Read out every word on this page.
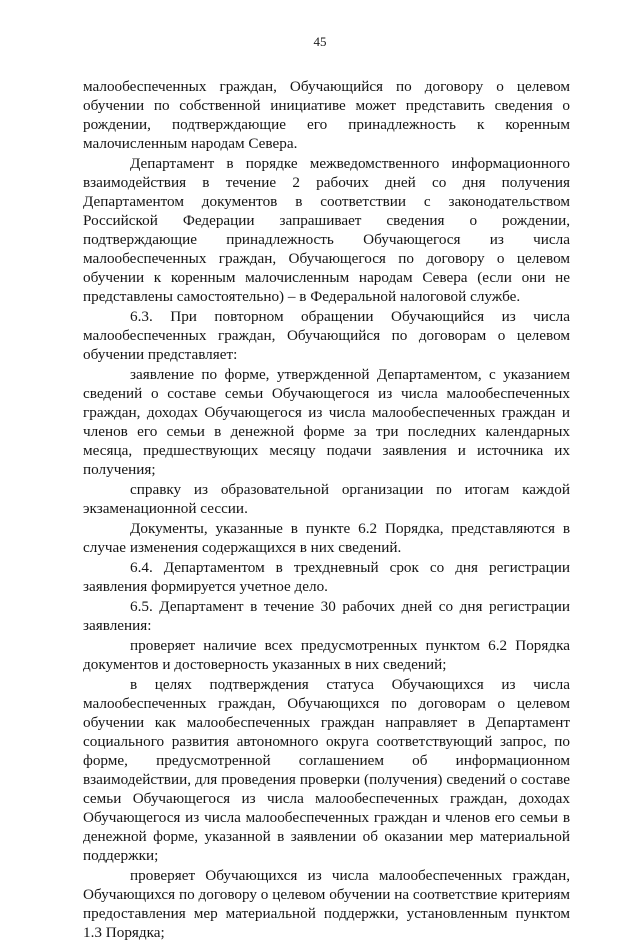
45

малообеспеченных граждан, Обучающийся по договору о целевом обучении по собственной инициативе может представить сведения о рождении, подтверждающие его принадлежность к коренным малочисленным народам Севера.

Департамент в порядке межведомственного информационного взаимодействия в течение 2 рабочих дней со дня получения Департаментом документов в соответствии с законодательством Российской Федерации запрашивает сведения о рождении, подтверждающие принадлежность Обучающегося из числа малообеспеченных граждан, Обучающегося по договору о целевом обучении к коренным малочисленным народам Севера (если они не представлены самостоятельно) – в Федеральной налоговой службе.

6.3. При повторном обращении Обучающийся из числа малообеспеченных граждан, Обучающийся по договорам о целевом обучении представляет:

заявление по форме, утвержденной Департаментом, с указанием сведений о составе семьи Обучающегося из числа малообеспеченных граждан, доходах Обучающегося из числа малообеспеченных граждан и членов его семьи в денежной форме за три последних календарных месяца, предшествующих месяцу подачи заявления и источника их получения;

справку из образовательной организации по итогам каждой экзаменационной сессии.

Документы, указанные в пункте 6.2 Порядка, представляются в случае изменения содержащихся в них сведений.

6.4. Департаментом в трехдневный срок со дня регистрации заявления формируется учетное дело.

6.5. Департамент в течение 30 рабочих дней со дня регистрации заявления:

проверяет наличие всех предусмотренных пунктом 6.2 Порядка документов и достоверность указанных в них сведений;

в целях подтверждения статуса Обучающихся из числа малообеспеченных граждан, Обучающихся по договорам о целевом обучении как малообеспеченных граждан направляет в Департамент социального развития автономного округа соответствующий запрос, по форме, предусмотренной соглашением об информационном взаимодействии, для проведения проверки (получения) сведений о составе семьи Обучающегося из числа малообеспеченных граждан, доходах Обучающегося из числа малообеспеченных граждан и членов его семьи в денежной форме, указанной в заявлении об оказании мер материальной поддержки;

проверяет Обучающихся из числа малообеспеченных граждан, Обучающихся по договору о целевом обучении на соответствие критериям предоставления мер материальной поддержки, установленным пунктом 1.3 Порядка;
